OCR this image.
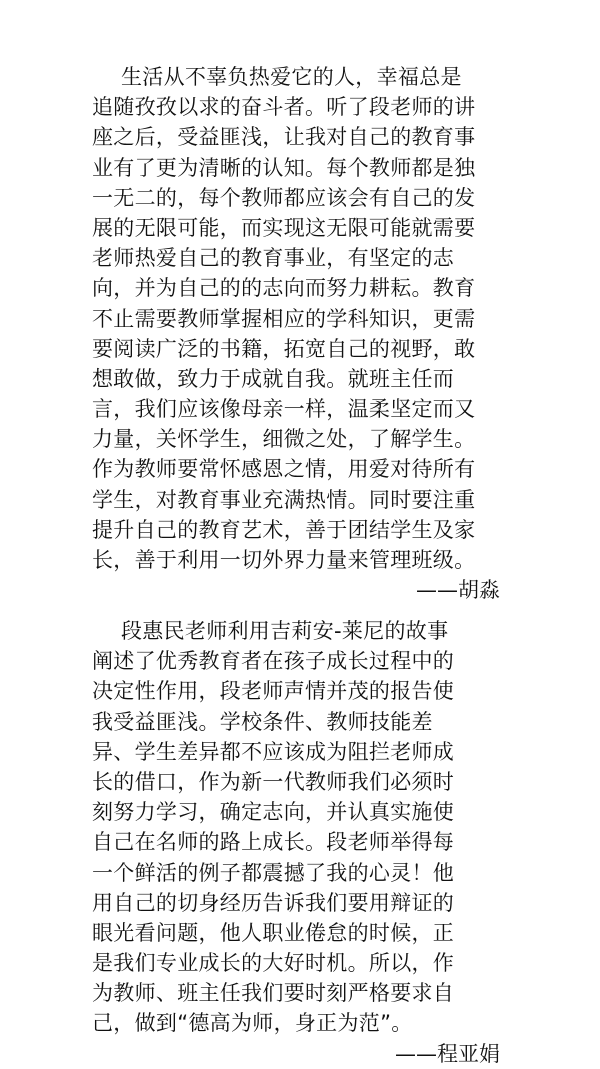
生活从不辜负热爱它的人，幸福总是
追随孜孜以求的奋斗者。听了段老师的讲
座之后，受益匪浅，让我对自己的教育事
业有了更为清晰的认知。每个教师都是独
一无二的，每个教师都应该会有自己的发
展的无限可能，而实现这无限可能就需要
老师热爱自己的教育事业，有坚定的志
向，并为自己的的志向而努力耕耘。教育
不止需要教师掌握相应的学科知识，更需
要阅读广泛的书籍，拓宽自己的视野，敢
想敢做，致力于成就自我。就班主任而
言，我们应该像母亲一样，温柔坚定而又
力量，关怀学生，细微之处，了解学生。
作为教师要常怀感恩之情，用爱对待所有
学生，对教育事业充满热情。同时要注重
提升自己的教育艺术，善于团结学生及家
长，善于利用一切外界力量来管理班级。
——胡淼
段惠民老师利用吉莉安-莱尼的故事
阐述了优秀教育者在孩子成长过程中的
决定性作用，段老师声情并茂的报告使
我受益匪浅。学校条件、教师技能差
异、学生差异都不应该成为阻拦老师成
长的借口，作为新一代教师我们必须时
刻努力学习，确定志向，并认真实施使
自己在名师的路上成长。段老师举得每
一个鲜活的例子都震撼了我的心灵！他
用自己的切身经历告诉我们要用辩证的
眼光看问题，他人职业倦怠的时候，正
是我们专业成长的大好时机。所以，作
为教师、班主任我们要时刻严格要求自
己，做到“德高为师，身正为范”。
——程亚娟
